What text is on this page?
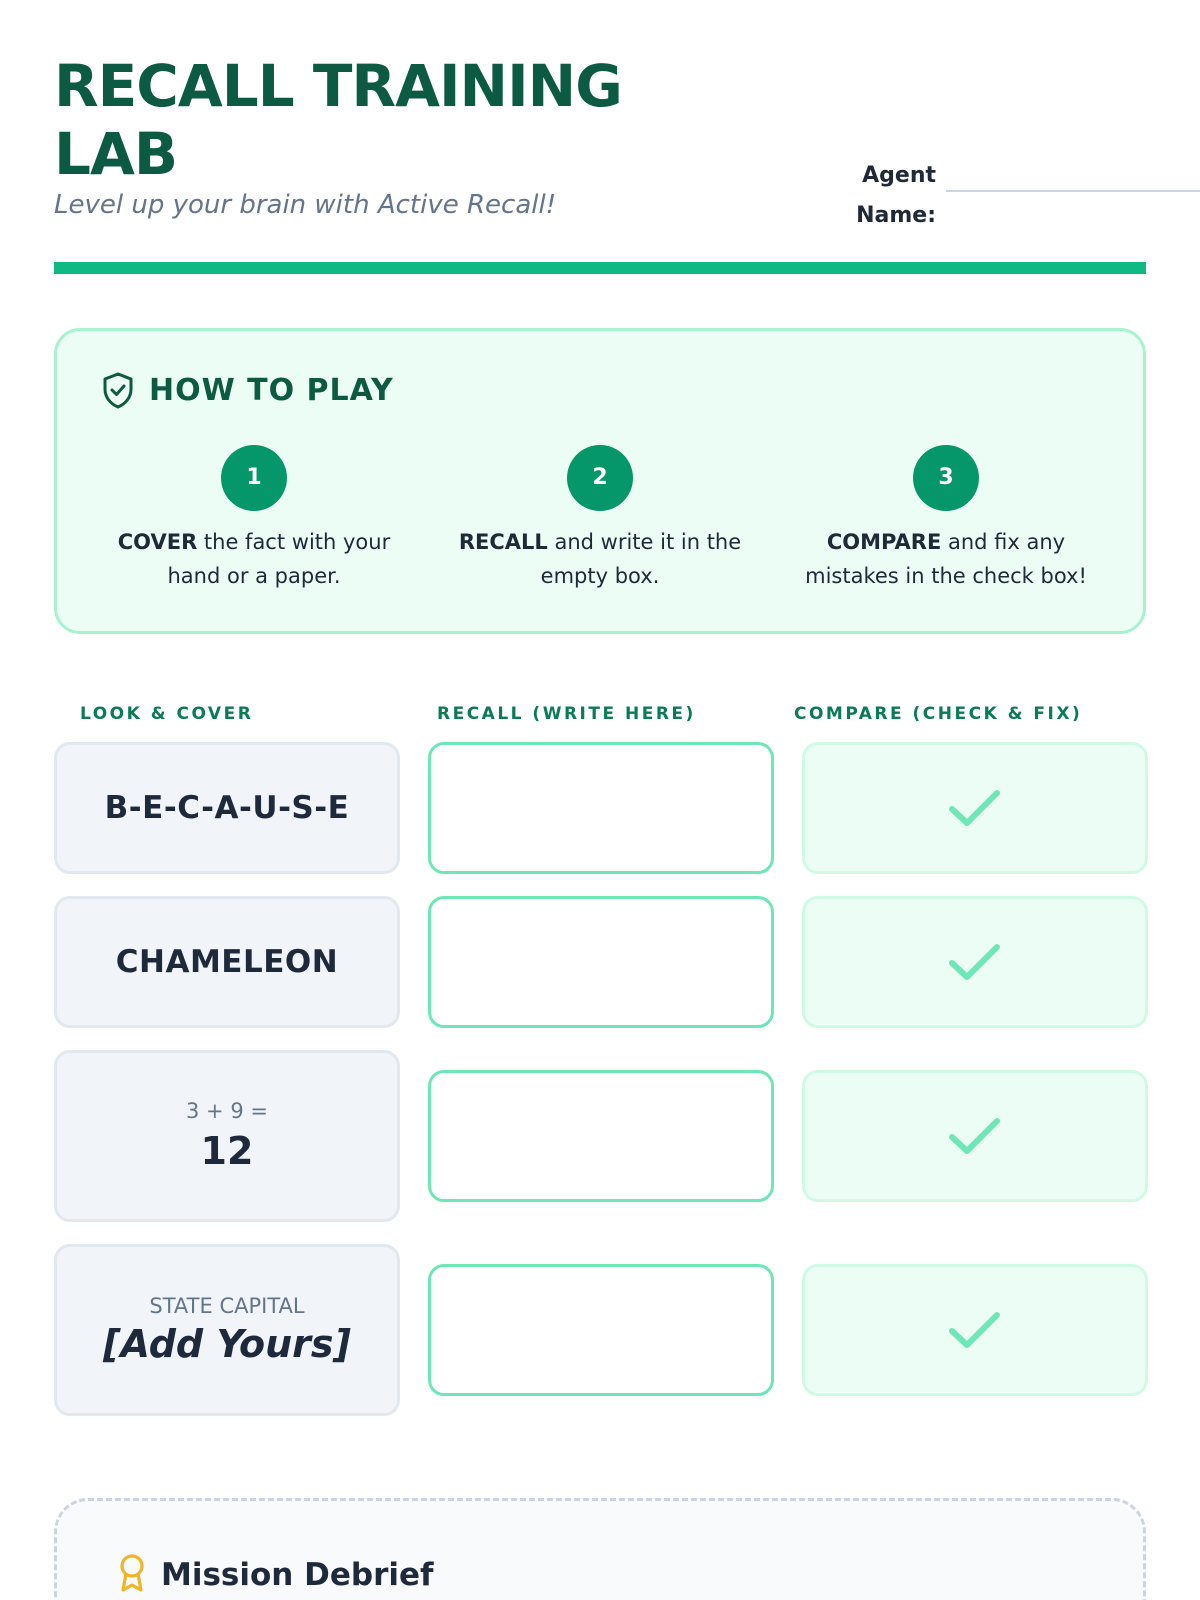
RECALL TRAINING LAB
Level up your brain with Active Recall!
Agent Name:
HOW TO PLAY
1
COVER the fact with your hand or a paper.
2
RECALL and write it in the empty box.
3
COMPARE and fix any mistakes in the check box!
LOOK & COVER	RECALL (WRITE HERE)	COMPARE (CHECK & FIX)
B-E-C-A-U-S-E
CHAMELEON
3 + 9 =
12
STATE CAPITAL
[Add Yours]
Mission Debrief
